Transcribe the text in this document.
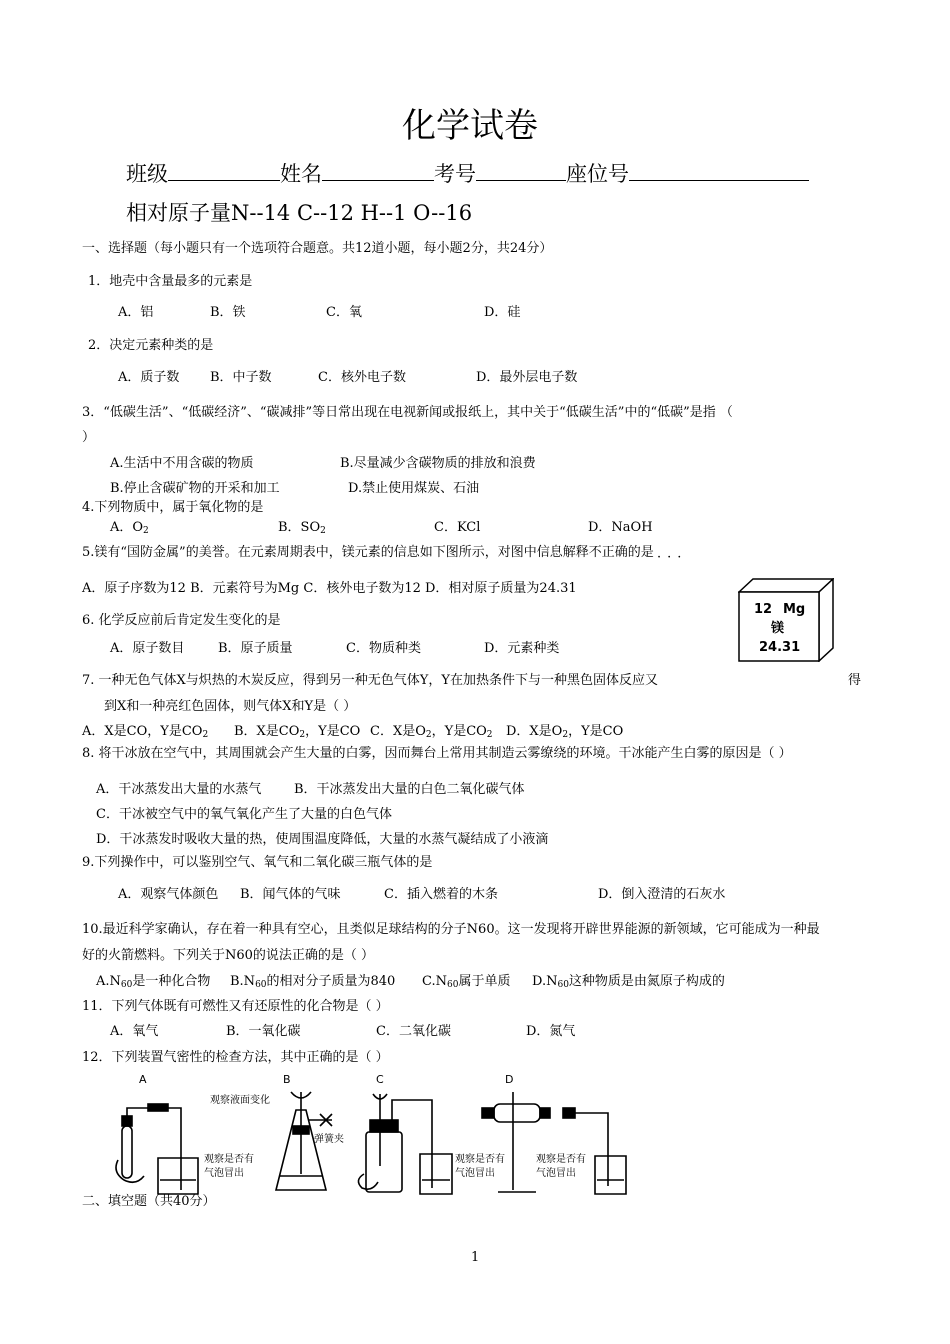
化学试卷
班级	姓名	考号	座位号
相对原子量N--14 C--12 H--1 O--16
一、选择题（每小题只有一个选项符合题意。共12道小题，每小题2分，共24分）
1．地壳中含量最多的元素是
A．铝	B．铁	C．氧	D．硅
2．决定元素种类的是
A．质子数 B．中子数	C．核外电子数	D．最外层电子数
3．“低碳生活”、“低碳经济”、“碳减排”等日常出现在电视新闻或报纸上，其中关于“低碳生活”中的“低碳”是指 （
）
A.生活中不用含碳的物质	B.尽量减少含碳物质的排放和浪费
B.停止含碳矿物的开采和加工	D.禁止使用煤炭、石油
4.下列物质中，属于氧化物的是
A．$O_2$	B．$SO_2$	C．KCl	D．NaOH
5.镁有“国防金属”的美誉。在元素周期表中，镁元素的信息如下图所示，对图中信息解释不正确的是 ···
A．原子序数为12 B．元素符号为Mg C．核外电子数为12 D．相对原子质量为24.31
12 Mg
镁
24.31
6. 化学反应前后肯定发生变化的是
A．原子数目	B．原子质量	C．物质种类	D．元素种类
7. 一种无色气体X与炽热的木炭反应，得到另一种无色气体Y，Y在加热条件下与一种黑色固体反应又	得
到X和一种亮红色固体，则气体X和Y是（ ）
A．X是CO，Y是$CO_2$ B．X是$CO_2$，Y是CO C．X是$O_2$，Y是$CO_2$ D．X是$O_2$，Y是CO
8. 将干冰放在空气中，其周围就会产生大量的白雾，因而舞台上常用其制造云雾缭绕的环境。干冰能产生白雾的原因是（ ）
A．干冰蒸发出大量的水蒸气	B．干冰蒸发出大量的白色二氧化碳气体
C．干冰被空气中的氧气氧化产生了大量的白色气体
D．干冰蒸发时吸收大量的热，使周围温度降低，大量的水蒸气凝结成了小液滴
9.下列操作中，可以鉴别空气、氧气和二氧化碳三瓶气体的是
A．观察气体颜色 B．闻气体的气味	C．插入燃着的木条	D．倒入澄清的石灰水
10.最近科学家确认，存在着一种具有空心，且类似足球结构的分子N60。这一发现将开辟世界能源的新领域，它可能成为一种最
好的火箭燃料。下列关于N60的说法正确的是（ ）
$A.N_{60}$是一种化合物 $B.N_{60}$的相对分子质量为840 $C.N_{60}$属于单质 $D.N_{60}$这种物质是由氮原子构成的
11．下列气体既有可燃性又有还原性的化合物是（ ）
A．氧气	B．一氧化碳	C．二氧化碳	D．氮气
12．下列装置气密性的检查方法，其中正确的是（ ）
A	B	C	D
观察液面变化
弹簧夹
观察是否有
气泡冒出
观察是否有
气泡冒出
观察是否有
气泡冒出
二、填空题（共40分）
1
